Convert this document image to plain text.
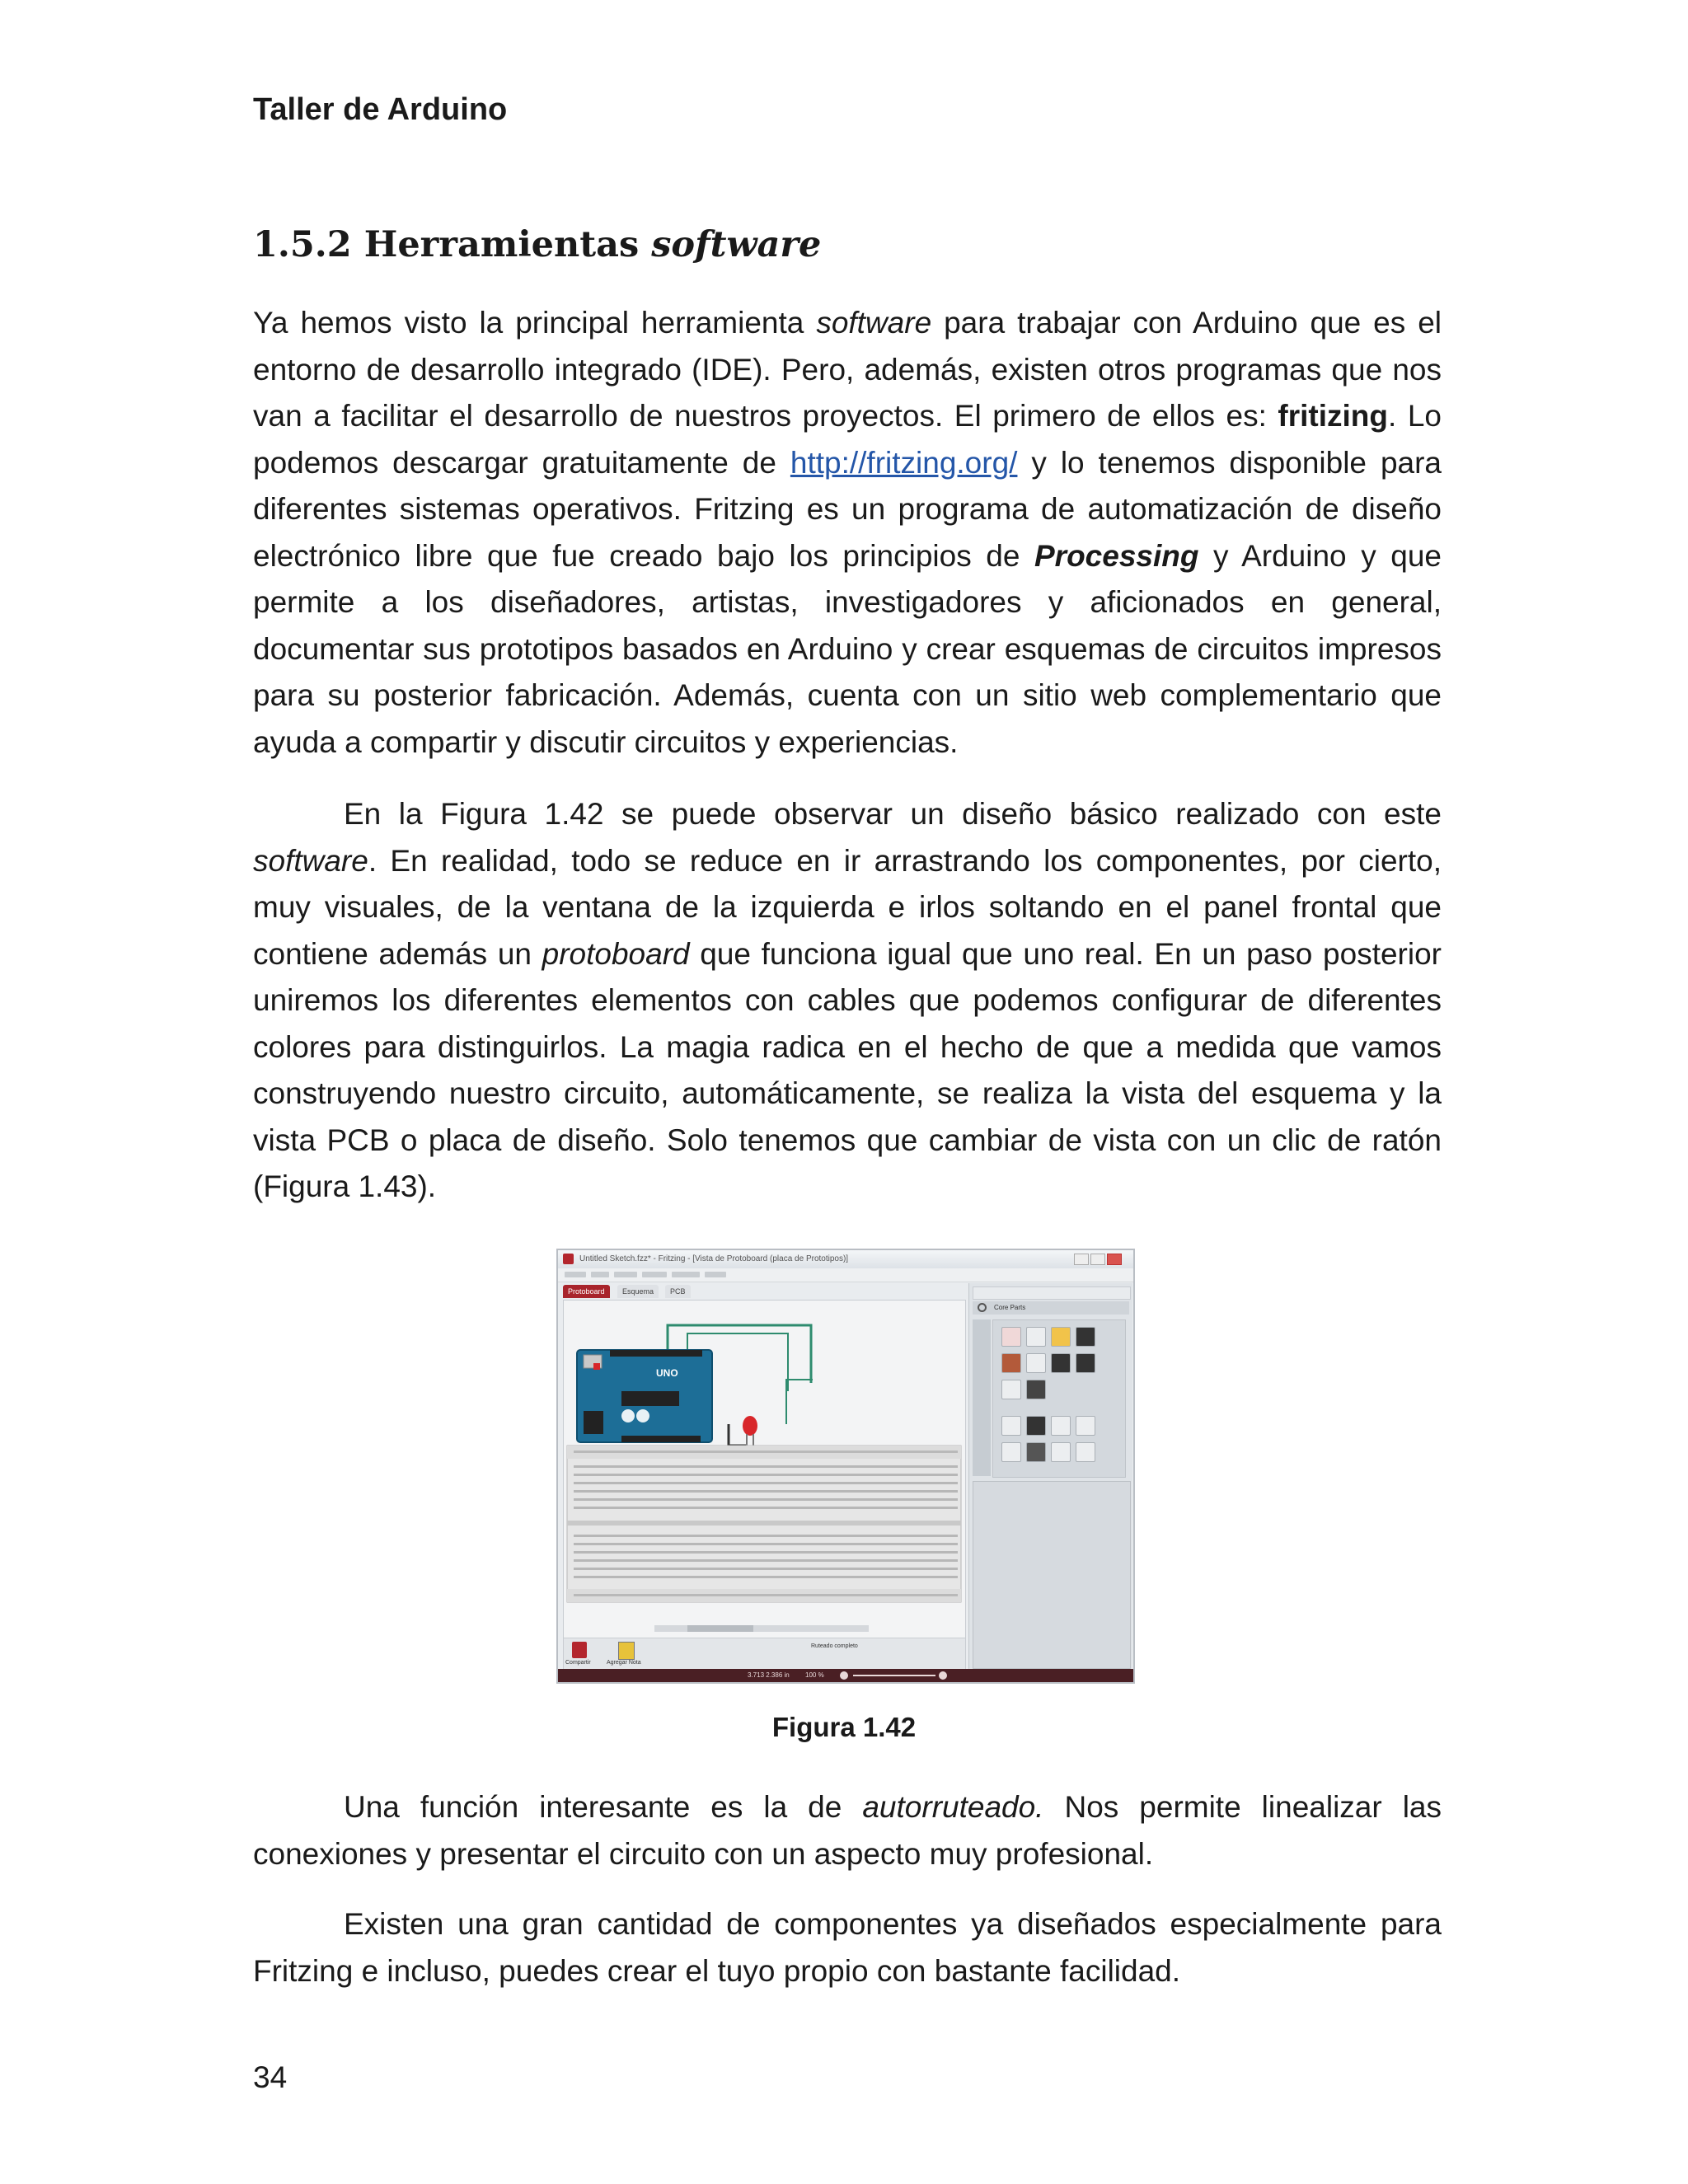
Taller de Arduino
1.5.2 Herramientas software

Ya hemos visto la principal herramienta software para trabajar con Arduino que es el entorno de desarrollo integrado (IDE). Pero, además, existen otros programas que nos van a facilitar el desarrollo de nuestros proyectos. El primero de ellos es: fritizing. Lo podemos descargar gratuitamente de http://fritzing.org/ y lo tenemos disponible para diferentes sistemas operativos. Fritzing es un programa de automatización de diseño electrónico libre que fue creado bajo los principios de Processing y Arduino y que permite a los diseñadores, artistas, investigadores y aficionados en general, documentar sus prototipos basados en Arduino y crear esquemas de circuitos impresos para su posterior fabricación. Además, cuenta con un sitio web complementario que ayuda a compartir y discutir circuitos y experiencias.

En la Figura 1.42 se puede observar un diseño básico realizado con este software. En realidad, todo se reduce en ir arrastrando los componentes, por cierto, muy visuales, de la ventana de la izquierda e irlos soltando en el panel frontal que contiene además un protoboard que funciona igual que uno real. En un paso posterior uniremos los diferentes elementos con cables que podemos configurar de diferentes colores para distinguirlos. La magia radica en el hecho de que a medida que vamos construyendo nuestro circuito, automáticamente, se realiza la vista del esquema y la vista PCB o placa de diseño. Solo tenemos que cambiar de vista con un clic de ratón (Figura 1.43).

Untitled Sketch.fzz* - Fritzing - [Vista de Protoboard (placa de Prototipos)]
Protoboard	Esquema	PCB
UNO
Core Parts
Compartir	Agregar Nota
Ruteado completo
3.713 2.386 in 100 %
Figura 1.42

Una función interesante es la de autorruteado. Nos permite linealizar las conexiones y presentar el circuito con un aspecto muy profesional.

Existen una gran cantidad de componentes ya diseñados especialmente para Fritzing e incluso, puedes crear el tuyo propio con bastante facilidad.

34
